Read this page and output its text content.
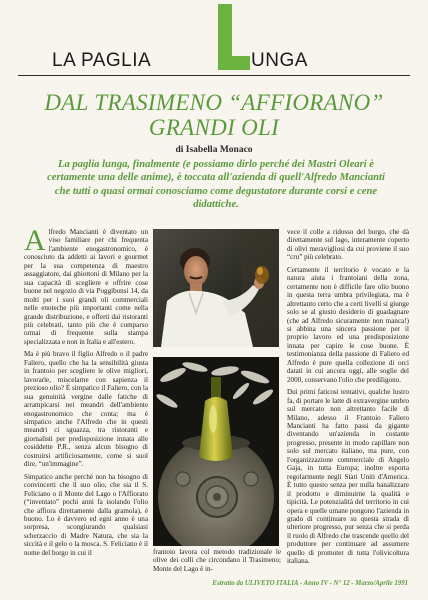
LA PAGLIA	UNGA
DAL TRASIMENO “AFFIORANO”
GRANDI OLI
di Isabella Monaco

La paglia lunga, finalmente (e possiamo dirlo perché dei Mastri Oleari è certamente una delle anime), è toccata all'azienda di quell'Alfredo Mancianti che tutti o quasi ormai conosciamo come degustatore durante corsi e cene didattiche.

Alfredo Mancianti è diventato un viso familiare per chi frequenta l'ambiente enogastronomico, è conosciuto da addetti ai lavori e gourmet per la sua competenza di maestro assaggiatore, dai ghiottoni di Milano per la sua capacità di scegliere e offrire cose buone nel negozio di via Poggibonsi 14, da molti per i suoi grandi oli commerciali nelle enoteche più importanti come nella grande distribuzione, e offerti dai ristoranti più celebrati, tanto più che è comparso ormai di frequente sulla stampa specializzata e non in Italia e all'estero.

Ma è più bravo il figlio Alfredo o il padre Faliero, quello che ha la sensibilità giusta in frantoio per scegliere le olive migliori, lavorarle, miscelarne con sapienza il prezioso olio? È simpatico il Faliero, con la sua genuinità vergine dalle fatiche di arrampicarsi nei meandri dell'ambiente enogastronomico che conta; ma è simpatico anche l'Alfredo che in questi meandri ci sguazza, tra ristoranti e giornalisti per predisposizione innata alle cosiddette P.R., senza alcun bisogno di costruirsi artificiosamente, come si suol dire, “un'immagine”.

Simpatico anche perché non ha bisogno di convincerti che il suo olio, che sia il S. Feliciano o il Monte del Lago o l'Affiorato (“inventato” pochi anni fa isolando l'olio che affiora direttamente dalla gramola), è buono. Lo è davvero ed egni anno è una sorpresa, scongiurando qualsiasi scherzaccio di Madre Natura, che sia la siccità e il gelo o la mosca. S. Feliciano è il nome del borgo in cui il	frantoio lavora col metodo tradizionale le olive dei colli che circondano il Trasimeno; Monte del Lago è in-

vece il colle a ridosso del borgo, che dà direttamente sul lago, interamente coperto di olivi meravigliosi da cui proviene il suo “cru” più celebrato.

Certamente il territorio è vocato e la natura aiuta i frantoiani della zona, certamente non è difficile fare olio buono in questa terra umbra privilegiata, ma è altrettanto certo che a certi livelli si giunge solo se al giusto desiderio di guadagnare (che ad Alfredo sicuramente non manca!) si abbina una sincera passione per il proprio lavoro ed una predisposizione innata per capire le cose buone. È testimonianza della passione di Faliero ed Alfredo è pure quella collezione di orci datati in cui ancora oggi, alle soglie del 2000, conservano l'olio che prediligono.

Dui primi faticosi tentativi, qualche lustro fa, di portare le latte di extravergine umbro sul mercato non altrettanto facile di Milano, adesso il Frantoio Faliero Mancianti ha fatto passi da gigante diventando un'azienda in costante progresso, presente in modo capillare non solo sul mercato italiano, ma pure, con l'organizzazione commerciale di Angelo Gaja, in tutta Europa; inoltre esporta regolarmente negli Stati Uniti d'America. È tutto questo senza per nulla banalizzare il prodotto e diminuirne la qualità e tipicità. Le potenzialità del territorio in cui opera e quelle umane pongono l'azienda in grado di continuare su questa strada di ulteriore progresso, pur senza che si perda il ruolo di Alfredo che trascende quello del produttore per continuare ad assumere quello di promoter di tutta l'olivicoltura italiana.

Estratto da ULIVETO ITALIA - Anno IV - N° 12 - Marzo/Aprile 1991
